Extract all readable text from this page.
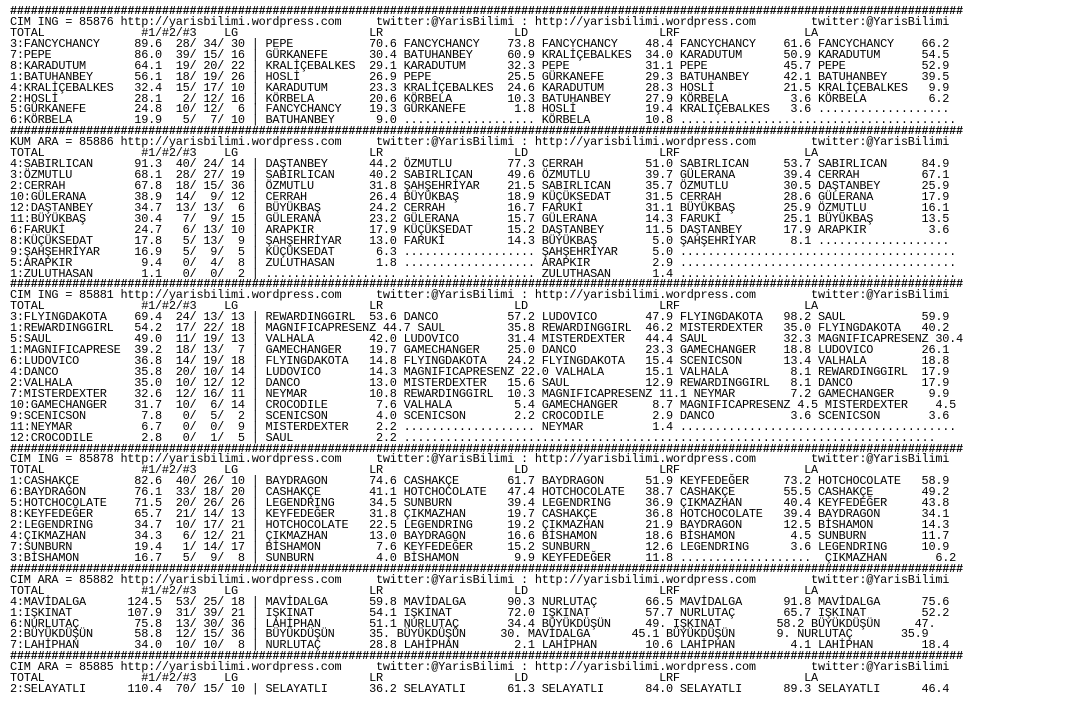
##########################################################################################################################################
CIM ING = 85876 http://yarisbilimi.wordpress.com     twitter:@YarisBilimi : http://yarisbilimi.wordpress.com        twitter:@YarisBilimi
TOTAL              #1/#2/#3    LG                   LR                   LD                   LRF                  LA
3:FANCYCHANCY     89.6  28/ 34/ 30 | PEPE           70.6 FANCYCHANCY    73.8 FANCYCHANCY    48.4 FANCYCHANCY    61.6 FANCYCHANCY    66.2
7:PEPE            86.0  39/ 15/ 16 | GÜRKANEFE      30.4 BATUHANBEY     60.9 KRALİÇEBALKES  34.0 KARADUTUM      50.9 KARADUTUM      54.5
8:KARADUTUM       64.1  19/ 20/ 22 | KRALİÇEBALKES  29.1 KARADUTUM      32.3 PEPE           31.1 PEPE           45.7 PEPE           52.9
1:BATUHANBEY      56.1  18/ 19/ 26 | HOSLİ          26.9 PEPE           25.5 GÜRKANEFE      29.3 BATUHANBEY     42.1 BATUHANBEY     39.5
4:KRALİÇEBALKES   32.4  15/ 17/ 10 | KARADUTUM      23.3 KRALİÇEBALKES  24.6 KARADUTUM      28.3 HOSLİ          21.5 KRALİÇEBALKES   9.9
2:HOSLİ           28.1   2/ 12/ 16 | KÖRBELA        20.6 KÖRBELA        10.3 BATUHANBEY     27.9 KÖRBELA         3.6 KÖRBELA         6.2
5:GÜRKANEFE       24.8  10/ 12/  6 | FANCYCHANCY    19.3 GÜRKANEFE       1.8 HOSLİ          19.4 KRALİÇEBALKES   3.6 ...................
6:KÖRBELA         19.9   5/  7/ 10 | BATUHANBEY      9.0 ................... KÖRBELA        10.8 ........................................
##########################################################################################################################################
KUM ARA = 85886 http://yarisbilimi.wordpress.com     twitter:@YarisBilimi : http://yarisbilimi.wordpress.com        twitter:@YarisBilimi
TOTAL              #1/#2/#3    LG                   LR                   LD                   LRF                  LA
4:SABIRLICAN      91.3  40/ 24/ 14 | DAŞTANBEY      44.2 ÖZMUTLU        77.3 CERRAH         51.0 SABIRLICAN     53.7 SABIRLICAN     84.9
3:ÖZMUTLU         68.1  28/ 27/ 19 | SABIRLICAN     40.2 SABIRLICAN     49.6 ÖZMUTLU        39.7 GÜLERANA       39.4 CERRAH         67.1
2:CERRAH          67.8  18/ 15/ 36 | ÖZMUTLU        31.8 ŞAHŞEHRİYAR    21.5 SABIRLICAN     35.7 ÖZMUTLU        30.5 DAŞTANBEY      25.9
10:GÜLERANA       38.9  14/  9/ 12 | CERRAH         26.4 BÜYÜKBAŞ       18.9 KÜÇÜKSEDAT     31.5 CERRAH         28.6 GÜLERANA       17.9
12:DAŞTANBEY      34.7  13/ 13/  6 | BÜYÜKBAŞ       24.2 CERRAH         16.7 FARUKİ         31.1 BÜYÜKBAŞ       25.9 ÖZMUTLU        16.1
11:BÜYÜKBAŞ       30.4   7/  9/ 15 | GÜLERANA       23.2 GÜLERANA       15.7 GÜLERANA       14.3 FARUKİ         25.1 BÜYÜKBAŞ       13.5
6:FARUKİ          24.7   6/ 13/ 10 | ARAPKIR        17.9 KÜÇÜKSEDAT     15.2 DAŞTANBEY      11.5 DAŞTANBEY      17.9 ARAPKIR         3.6
8:KÜÇÜKSEDAT      17.8   5/ 13/  9 | ŞAHŞEHRİYAR    13.0 FARUKİ         14.3 BÜYÜKBAŞ        5.0 ŞAHŞEHRİYAR     8.1 ...................
9:ŞAHŞEHRİYAR     16.9   5/  9/  5 | KÜÇÜKSEDAT      6.3 ................... ŞAHŞEHRİYAR     5.0 ........................................
5:ARAPKIR          9.4   0/  4/  8 | ZULUTHASAN      1.8 ................... ARAPKIR         2.9 ........................................
1:ZULUTHASAN       1.1   0/  0/  2 | ................... ................... ZULUTHASAN      1.4 ........................................
##########################################################################################################################################
CIM ING = 85881 http://yarisbilimi.wordpress.com     twitter:@YarisBilimi : http://yarisbilimi.wordpress.com        twitter:@YarisBilimi
TOTAL              #1/#2/#3    LG                   LR                   LD                   LRF                  LA
3:FLYINGDAKOTA    69.4  24/ 13/ 13 | REWARDINGGIRL  53.6 DANCO          57.2 LUDOVICO       47.9 FLYINGDAKOTA   98.2 SAUL           59.9
1:REWARDINGGIRL   54.2  17/ 22/ 18 | MAGNIFICAPRESENZ 44.7 SAUL         35.8 REWARDINGGIRL  46.2 MISTERDEXTER   35.0 FLYINGDAKOTA   40.2
5:SAUL            49.0  11/ 19/ 13 | VALHALA        42.0 LUDOVICO       31.4 MISTERDEXTER   44.4 SAUL           32.3 MAGNIFICAPRESENZ 30.4
1:MAGNIFICAPRESE  39.2  18/ 13/  7 | GAMECHANGER    19.7 GAMECHANGER    25.0 DANCO          23.3 GAMECHANGER    18.8 LUDOVICO       26.1
6:LUDOVICO        36.8  14/ 19/ 18 | FLYINGDAKOTA   14.8 FLYINGDAKOTA   24.2 FLYINGDAKOTA   15.4 SCENICSON      13.4 VALHALA        18.8
4:DANCO           35.8  20/ 10/ 14 | LUDOVICO       14.3 MAGNIFICAPRESENZ 22.0 VALHALA      15.1 VALHALA         8.1 REWARDINGGIRL  17.9
2:VALHALA         35.0  10/ 12/ 12 | DANCO          13.0 MISTERDEXTER   15.6 SAUL           12.9 REWARDINGGIRL   8.1 DANCO          17.9
7:MISTERDEXTER    32.6  12/ 16/ 11 | NEYMAR         10.8 REWARDINGGIRL  10.3 MAGNIFICAPRESENZ 11.1 NEYMAR        7.2 GAMECHANGER     9.9
10:GAMECHANGER    31.7  10/  6/ 14 | CROCODILE       7.6 VALHALA         5.4 GAMECHANGER     8.7 MAGNIFICAPRESENZ 4.5 MISTERDEXTER    4.5
9:SCENICSON        7.8   0/  5/  2 | SCENICSON       4.0 SCENICSON       2.2 CROCODILE       2.9 DANCO           3.6 SCENICSON       3.6
11:NEYMAR          6.7   0/  0/  9 | MISTERDEXTER    2.2 ................... NEYMAR          1.4 ........................................
12:CROCODILE       2.8   0/  1/  5 | SAUL            2.2 .............................................................................
##########################################################################################################################################
CIM ING = 85878 http://yarisbilimi.wordpress.com     twitter:@YarisBilimi : http://yarisbilimi.wordpress.com        twitter:@YarisBilimi
TOTAL              #1/#2/#3    LG                   LR                   LD                   LRF                  LA
1:CASHAKÇE        82.6  40/ 26/ 10 | BAYDRAGON      74.6 CASHAKÇE       61.7 BAYDRAGON      51.9 KEYFEDEĞER     73.2 HOTCHOCOLATE   58.9
6:BAYDRAGON       76.1  33/ 18/ 20 | CASHAKÇE       41.1 HOTCHOCOLATE   47.4 HOTCHOCOLATE   38.7 CASHAKÇE       55.5 CASHAKÇE       49.2
5:HOTCHOCOLATE    71.5  20/ 26/ 26 | LEGENDRING     34.5 SUNBURN        39.4 LEGENDRING     36.9 ÇIKMAZHAN      40.4 KEYFEDEĞER     43.8
8:KEYFEDEĞER      65.7  21/ 14/ 13 | KEYFEDEĞER     31.8 ÇIKMAZHAN      19.7 CASHAKÇE       36.8 HOTCHOCOLATE   39.4 BAYDRAGON      34.1
2:LEGENDRING      34.7  10/ 17/ 21 | HOTCHOCOLATE   22.5 LEGENDRING     19.2 ÇIKMAZHAN      21.9 BAYDRAGON      12.5 BİSHAMON       14.3
4:ÇIKMAZHAN       34.3   6/ 12/ 21 | ÇIKMAZHAN      13.0 BAYDRAGON      16.6 BİSHAMON       18.6 BİSHAMON        4.5 SUNBURN        11.7
7:SUNBURN         19.4   1/ 14/ 17 | BİSHAMON        7.6 KEYFEDEĞER     15.2 SUNBURN        12.6 LEGENDRING      3.6 LEGENDRING     10.9
3:BİSHAMON        16.7   5/  9/  8 | SUNBURN         4.0 BİSHAMON        9.9 KEYFEDEĞER     11.8 ...................  ÇIKMAZHAN       6.2
##########################################################################################################################################
CIM ARA = 85882 http://yarisbilimi.wordpress.com     twitter:@YarisBilimi : http://yarisbilimi.wordpress.com        twitter:@YarisBilimi
TOTAL              #1/#2/#3    LG                   LR                   LD                   LRF                  LA
4:MAVİDALGA      124.5  53/ 25/ 18 | MAVİDALGA      59.8 MAVİDALGA      90.3 NURLUTAÇ       66.5 MAVİDALGA      91.8 MAVİDALGA      75.6
1:IŞKINAT        107.9  31/ 39/ 21 | IŞKINAT        54.1 IŞKINAT        72.0 IŞKINAT        57.7 NURLUTAÇ       65.7 IŞKINAT        52.2
6:NURLUTAÇ        75.8  13/ 30/ 36 | LAHİPHAN       51.1 NURLUTAÇ       34.4 BÜYÜKDÜŞÜN     49. IŞKINAT        58.2 BÜYÜKDÜŞÜN     47.
2:BÜYÜKDÜŞÜN      58.8  12/ 15/ 36 | BÜYÜKDÜŞÜN     35. BÜYÜKDÜŞÜN     30. MAVİDALGA      45.1 BÜYÜKDÜŞÜN      9. NURLUTAÇ       35.9
7:LAHİPHAN        34.0  10/ 10/  8 | NURLUTAÇ       28.8 LAHİPHAN        2.1 LAHİPHAN       10.6 LAHİPHAN        4.1 LAHİPHAN       18.4
##########################################################################################################################################
CIM ARA = 85885 http://yarisbilimi.wordpress.com     twitter:@YarisBilimi : http://yarisbilimi.wordpress.com        twitter:@YarisBilimi
TOTAL              #1/#2/#3    LG                   LR                   LD                   LRF                  LA
2:SELAYATLI      110.4  70/ 15/ 10 | SELAYATLI      36.2 SELAYATLI      61.3 SELAYATLI      84.0 SELAYATLI      89.3 SELAYATLI      46.4
